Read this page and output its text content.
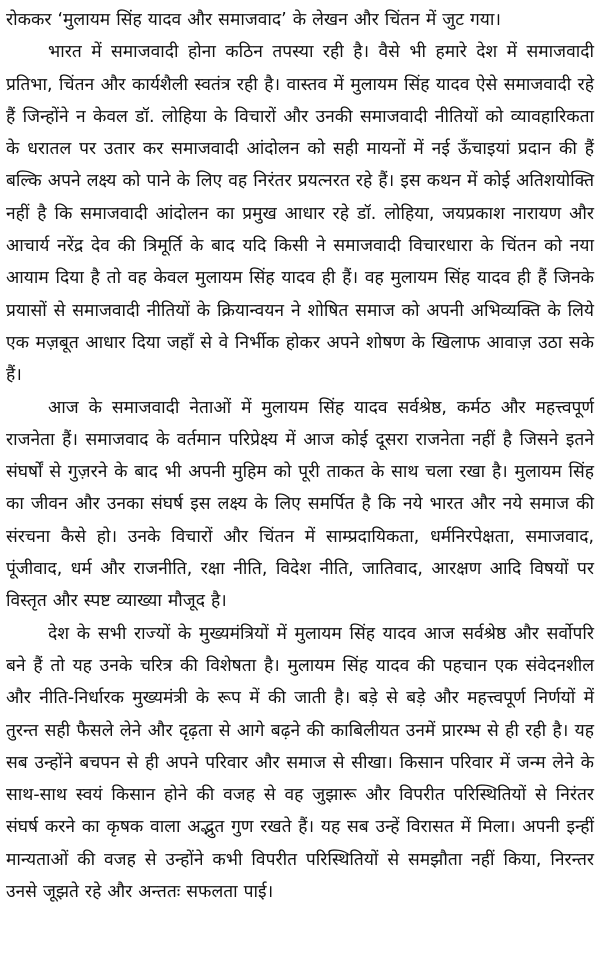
रोककर ‘मुलायम सिंह यादव और समाजवाद’ के लेखन और चिंतन में जुट गया।

भारत में समाजवादी होना कठिन तपस्या रही है। वैसे भी हमारे देश में समाजवादी प्रतिभा, चिंतन और कार्यशैली स्वतंत्र रही है। वास्तव में मुलायम सिंह यादव ऐसे समाजवादी रहे हैं जिन्होंने न केवल डॉ. लोहिया के विचारों और उनकी समाजवादी नीतियों को व्यावहारिकता के धरातल पर उतार कर समाजवादी आंदोलन को सही मायनों में नई ऊँचाइयां प्रदान की हैं बल्कि अपने लक्ष्य को पाने के लिए वह निरंतर प्रयत्नरत रहे हैं। इस कथन में कोई अतिशयोक्ति नहीं है कि समाजवादी आंदोलन का प्रमुख आधार रहे डॉ. लोहिया, जयप्रकाश नारायण और आचार्य नरेंद्र देव की त्रिमूर्ति के बाद यदि किसी ने समाजवादी विचारधारा के चिंतन को नया आयाम दिया है तो वह केवल मुलायम सिंह यादव ही हैं। वह मुलायम सिंह यादव ही हैं जिनके प्रयासों से समाजवादी नीतियों के क्रियान्वयन ने शोषित समाज को अपनी अभिव्यक्ति के लिये एक मज़बूत आधार दिया जहाँ से वे निर्भीक होकर अपने शोषण के खिलाफ आवाज़ उठा सके हैं।

आज के समाजवादी नेताओं में मुलायम सिंह यादव सर्वश्रेष्ठ, कर्मठ और महत्त्वपूर्ण राजनेता हैं। समाजवाद के वर्तमान परिप्रेक्ष्य में आज कोई दूसरा राजनेता नहीं है जिसने इतने संघर्षों से गुज़रने के बाद भी अपनी मुहिम को पूरी ताकत के साथ चला रखा है। मुलायम सिंह का जीवन और उनका संघर्ष इस लक्ष्य के लिए समर्पित है कि नये भारत और नये समाज की संरचना कैसे हो। उनके विचारों और चिंतन में साम्प्रदायिकता, धर्मनिरपेक्षता, समाजवाद, पूंजीवाद, धर्म और राजनीति, रक्षा नीति, विदेश नीति, जातिवाद, आरक्षण आदि विषयों पर विस्तृत और स्पष्ट व्याख्या मौजूद है।

देश के सभी राज्यों के मुख्यमंत्रियों में मुलायम सिंह यादव आज सर्वश्रेष्ठ और सर्वोपरि बने हैं तो यह उनके चरित्र की विशेषता है। मुलायम सिंह यादव की पहचान एक संवेदनशील और नीति-निर्धारक मुख्यमंत्री के रूप में की जाती है। बड़े से बड़े और महत्त्वपूर्ण निर्णयों में तुरन्त सही फैसले लेने और दृढ़ता से आगे बढ़ने की काबिलीयत उनमें प्रारम्भ से ही रही है। यह सब उन्होंने बचपन से ही अपने परिवार और समाज से सीखा। किसान परिवार में जन्म लेने के साथ-साथ स्वयं किसान होने की वजह से वह जुझारू और विपरीत परिस्थितियों से निरंतर संघर्ष करने का कृषक वाला अद्भुत गुण रखते हैं। यह सब उन्हें विरासत में मिला। अपनी इन्हीं मान्यताओं की वजह से उन्होंने कभी विपरीत परिस्थितियों से समझौता नहीं किया, निरन्तर उनसे जूझते रहे और अन्ततः सफलता पाई।
